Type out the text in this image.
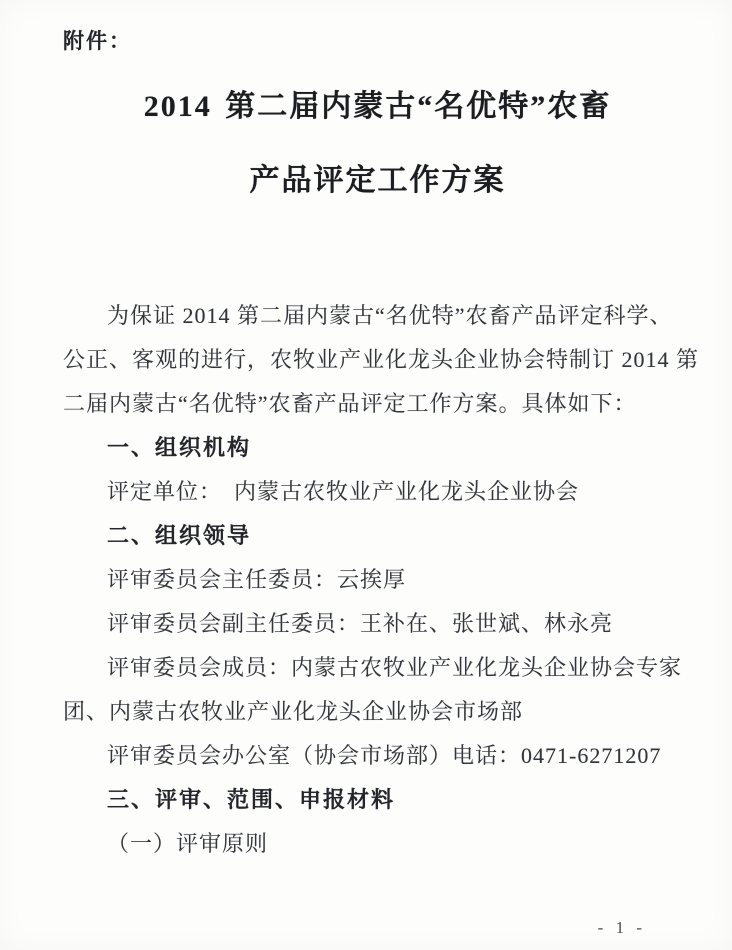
附件：
2014 第二届内蒙古“名优特”农畜
产品评定工作方案
为保证 2014 第二届内蒙古“名优特”农畜产品评定科学、
公正、客观的进行，农牧业产业化龙头企业协会特制订 2014 第
二届内蒙古“名优特”农畜产品评定工作方案。具体如下：
一、组织机构
评定单位：　内蒙古农牧业产业化龙头企业协会
二、组织领导
评审委员会主任委员：云挨厚
评审委员会副主任委员：王补在、张世斌、林永亮
评审委员会成员：内蒙古农牧业产业化龙头企业协会专家
团、内蒙古农牧业产业化龙头企业协会市场部
评审委员会办公室（协会市场部）电话：0471-6271207
三、评审、范围、申报材料
（一）评审原则
- 1 -
